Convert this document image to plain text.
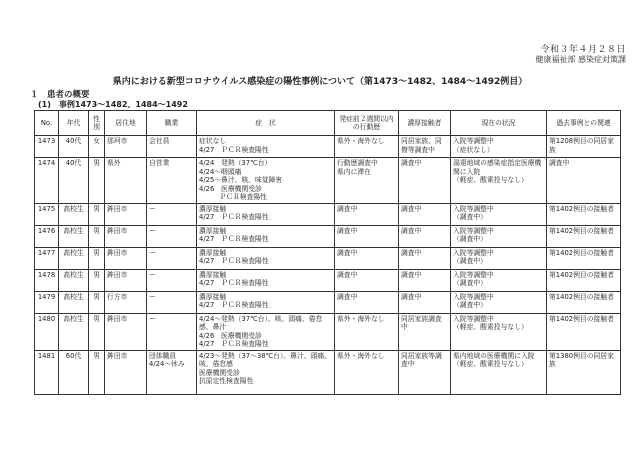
令和３年４月２８日
健康福祉部 感染症対策課
県内における新型コロナウイルス感染症の陽性事例について（第1473～1482、1484～1492例目）
１　患者の概要
(1)　事例1473～1482、1484～1492
No.	年代	性別	居住地	職業	症　状	発症前２週間以内の行動歴	濃厚接触者	現在の状況	過去事例との関連
1473	40代	女	那珂市	会社員	症状なし
4/27　ＰＣＲ検査陽性	県外・海外なし	同居家族、同僚等調査中	入院等調整中
（症状なし）	第1208例目の同居家族
1474	40代	男	県外	自営業	4/24　発熱（37℃台）
4/24～咽頭痛
4/25～鼻汁、咳、味覚障害
4/26　医療機関受診
　　　ＰＣＲ検査陽性	行動歴調査中
県内に滞在	調査中	湯遠地域の感染症指定医療機関に入院
（軽症、酸素投与なし）	調査中
1475	高校生	男	鉾田市	ー	濃厚接触
4/27　ＰＣＲ検査陽性	調査中	調査中	入院等調整中
（調査中）	第1402例目の接触者
1476	高校生	男	鉾田市	ー	濃厚接触
4/27　ＰＣＲ検査陽性	調査中	調査中	入院等調整中
（調査中）	第1402例目の接触者
1477	高校生	男	鉾田市	ー	濃厚接触
4/27　ＰＣＲ検査陽性	調査中	調査中	入院等調整中
（調査中）	第1402例目の接触者
1478	高校生	男	鉾田市	ー	濃厚接触
4/27　ＰＣＲ検査陽性	調査中	調査中	入院等調整中
（調査中）	第1402例目の接触者
1479	高校生	男	行方市	ー	濃厚接触
4/27　ＰＣＲ検査陽性	調査中	調査中	入院等調整中
（調査中）	第1402例目の接触者
1480	高校生	男	鉾田市	ー	4/24～発熱（37℃台）、咳、頭痛、倦怠感、鼻汁
4/26　医療機関受診
4/27　ＰＣＲ検査陽性	県外・海外なし	同居家族調査中	入院等調整中
（軽症、酸素投与なし）	第1402例目の接触者
1481	60代	男	鉾田市	団体職員
4/24～休み	4/23～発熱（37～38℃台）、鼻汁、頭痛、咳、倦怠感
医療機関受診
抗原定性検査陽性	県外・海外なし	同居家族等調査中	県内地域の医療機関に入院
（軽症、酸素投与なし）	第1380例目の同居家族
